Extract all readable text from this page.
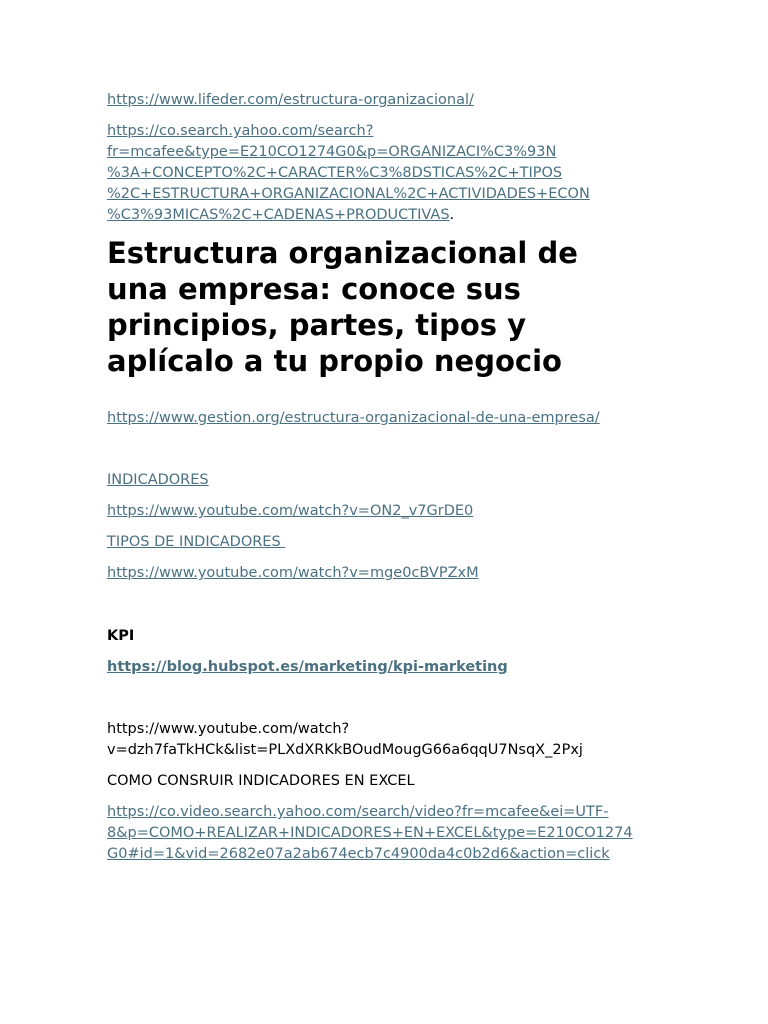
https://www.lifeder.com/estructura-organizacional/

https://co.search.yahoo.com/search?

fr=mcafee&type=E210CO1274G0&p=ORGANIZACI%C3%93N

%3A+CONCEPTO%2C+CARACTER%C3%8DSTICAS%2C+TIPOS

%2C+ESTRUCTURA+ORGANIZACIONAL%2C+ACTIVIDADES+ECON

%C3%93MICAS%2C+CADENAS+PRODUCTIVAS.

Estructura organizacional de
una empresa: conoce sus
principios, partes, tipos y
aplícalo a tu propio negocio

https://www.gestion.org/estructura-organizacional-de-una-empresa/

INDICADORES

https://www.youtube.com/watch?v=ON2_v7GrDE0

TIPOS DE INDICADORES

https://www.youtube.com/watch?v=mge0cBVPZxM

KPI

https://blog.hubspot.es/marketing/kpi-marketing

https://www.youtube.com/watch?

v=dzh7faTkHCk&list=PLXdXRKkBOudMougG66a6qqU7NsqX_2Pxj

COMO CONSRUIR INDICADORES EN EXCEL

https://co.video.search.yahoo.com/search/video?fr=mcafee&ei=UTF-

8&p=COMO+REALIZAR+INDICADORES+EN+EXCEL&type=E210CO1274

G0#id=1&vid=2682e07a2ab674ecb7c4900da4c0b2d6&action=click
